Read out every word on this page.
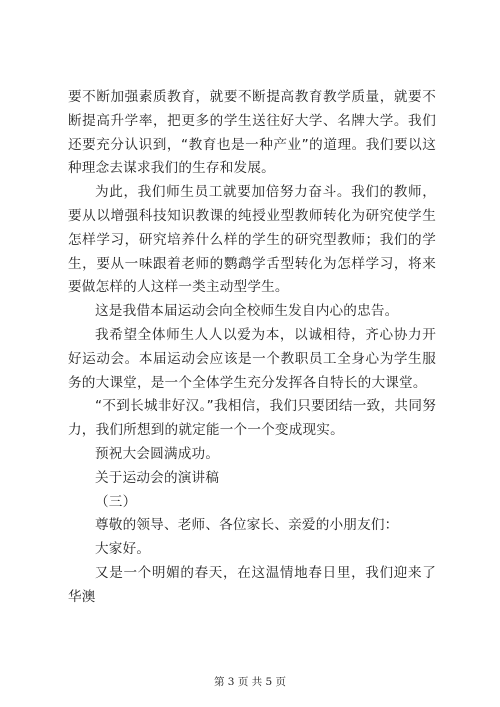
要不断加强素质教育，就要不断提高教育教学质量，就要不断提高升学率，把更多的学生送往好大学、名牌大学。我们还要充分认识到，“教育也是一种产业”的道理。我们要以这种理念去谋求我们的生存和发展。

为此，我们师生员工就要加倍努力奋斗。我们的教师，要从以增强科技知识教课的纯授业型教师转化为研究使学生怎样学习，研究培养什么样的学生的研究型教师；我们的学生，要从一味跟着老师的鹦鹉学舌型转化为怎样学习，将来要做怎样的人这样一类主动型学生。

这是我借本届运动会向全校师生发自内心的忠告。

我希望全体师生人人以爱为本，以诚相待，齐心协力开好运动会。本届运动会应该是一个教职员工全身心为学生服务的大课堂，是一个全体学生充分发挥各自特长的大课堂。

“不到长城非好汉。”我相信，我们只要团结一致，共同努力，我们所想到的就定能一个一个变成现实。

预祝大会圆满成功。

关于运动会的演讲稿

（三）

尊敬的领导、老师、各位家长、亲爱的小朋友们：

大家好。

又是一个明媚的春天，在这温情地春日里，我们迎来了华澳

第 3 页 共 5 页
